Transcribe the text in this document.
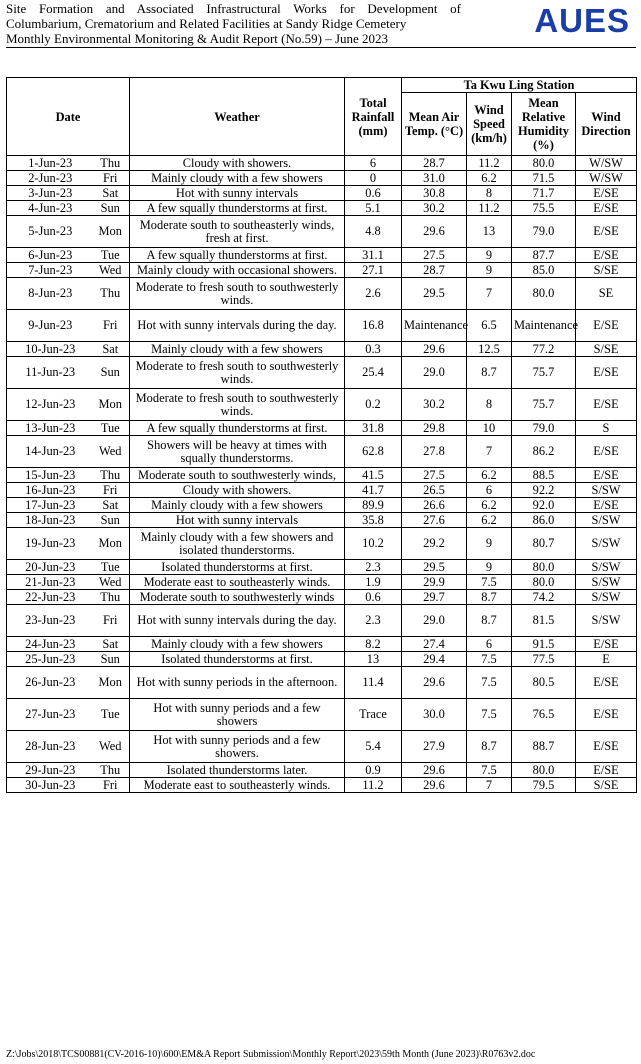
Site Formation and Associated Infrastructural Works for Development of
Columbarium, Crematorium and Related Facilities at Sandy Ridge Cemetery
Monthly Environmental Monitoring & Audit Report (No.59) – June 2023	AUES
Date		Weather	Total Rainfall (mm)	Ta Kwu Ling Station			
				Mean Air Temp. (°C)	Wind Speed (km/h)	Mean Relative Humidity (%)	Wind Direction
1-Jun-23	Thu	Cloudy with showers.	6	28.7	11.2	80.0	W/SW
2-Jun-23	Fri	Mainly cloudy with a few showers	0	31.0	6.2	71.5	W/SW
3-Jun-23	Sat	Hot with sunny intervals	0.6	30.8	8	71.7	E/SE
4-Jun-23	Sun	A few squally thunderstorms at first.	5.1	30.2	11.2	75.5	E/SE
5-Jun-23	Mon	Moderate south to southeasterly winds, fresh at first.	4.8	29.6	13	79.0	E/SE
6-Jun-23	Tue	A few squally thunderstorms at first.	31.1	27.5	9	87.7	E/SE
7-Jun-23	Wed	Mainly cloudy with occasional showers.	27.1	28.7	9	85.0	S/SE
8-Jun-23	Thu	Moderate to fresh south to southwesterly winds.	2.6	29.5	7	80.0	SE
9-Jun-23	Fri	Hot with sunny intervals during the day.	16.8	Maintenance	6.5	Maintenance	E/SE
10-Jun-23	Sat	Mainly cloudy with a few showers	0.3	29.6	12.5	77.2	S/SE
11-Jun-23	Sun	Moderate to fresh south to southwesterly winds.	25.4	29.0	8.7	75.7	E/SE
12-Jun-23	Mon	Moderate to fresh south to southwesterly winds.	0.2	30.2	8	75.7	E/SE
13-Jun-23	Tue	A few squally thunderstorms at first.	31.8	29.8	10	79.0	S
14-Jun-23	Wed	Showers will be heavy at times with squally thunderstorms.	62.8	27.8	7	86.2	E/SE
15-Jun-23	Thu	Moderate south to southwesterly winds,	41.5	27.5	6.2	88.5	E/SE
16-Jun-23	Fri	Cloudy with showers.	41.7	26.5	6	92.2	S/SW
17-Jun-23	Sat	Mainly cloudy with a few showers	89.9	26.6	6.2	92.0	E/SE
18-Jun-23	Sun	Hot with sunny intervals	35.8	27.6	6.2	86.0	S/SW
19-Jun-23	Mon	Mainly cloudy with a few showers and isolated thunderstorms.	10.2	29.2	9	80.7	S/SW
20-Jun-23	Tue	Isolated thunderstorms at first.	2.3	29.5	9	80.0	S/SW
21-Jun-23	Wed	Moderate east to southeasterly winds.	1.9	29.9	7.5	80.0	S/SW
22-Jun-23	Thu	Moderate south to southwesterly winds	0.6	29.7	8.7	74.2	S/SW
23-Jun-23	Fri	Hot with sunny intervals during the day.	2.3	29.0	8.7	81.5	S/SW
24-Jun-23	Sat	Mainly cloudy with a few showers	8.2	27.4	6	91.5	E/SE
25-Jun-23	Sun	Isolated thunderstorms at first.	13	29.4	7.5	77.5	E
26-Jun-23	Mon	Hot with sunny periods in the afternoon.	11.4	29.6	7.5	80.5	E/SE
27-Jun-23	Tue	Hot with sunny periods and a few showers	Trace	30.0	7.5	76.5	E/SE
28-Jun-23	Wed	Hot with sunny periods and a few showers.	5.4	27.9	8.7	88.7	E/SE
29-Jun-23	Thu	Isolated thunderstorms later.	0.9	29.6	7.5	80.0	E/SE
30-Jun-23	Fri	Moderate east to southeasterly winds.	11.2	29.6	7	79.5	S/SE
Z:\Jobs\2018\TCS00881(CV-2016-10)\600\EM&A Report Submission\Monthly Report\2023\59th Month (June 2023)\R0763v2.doc
